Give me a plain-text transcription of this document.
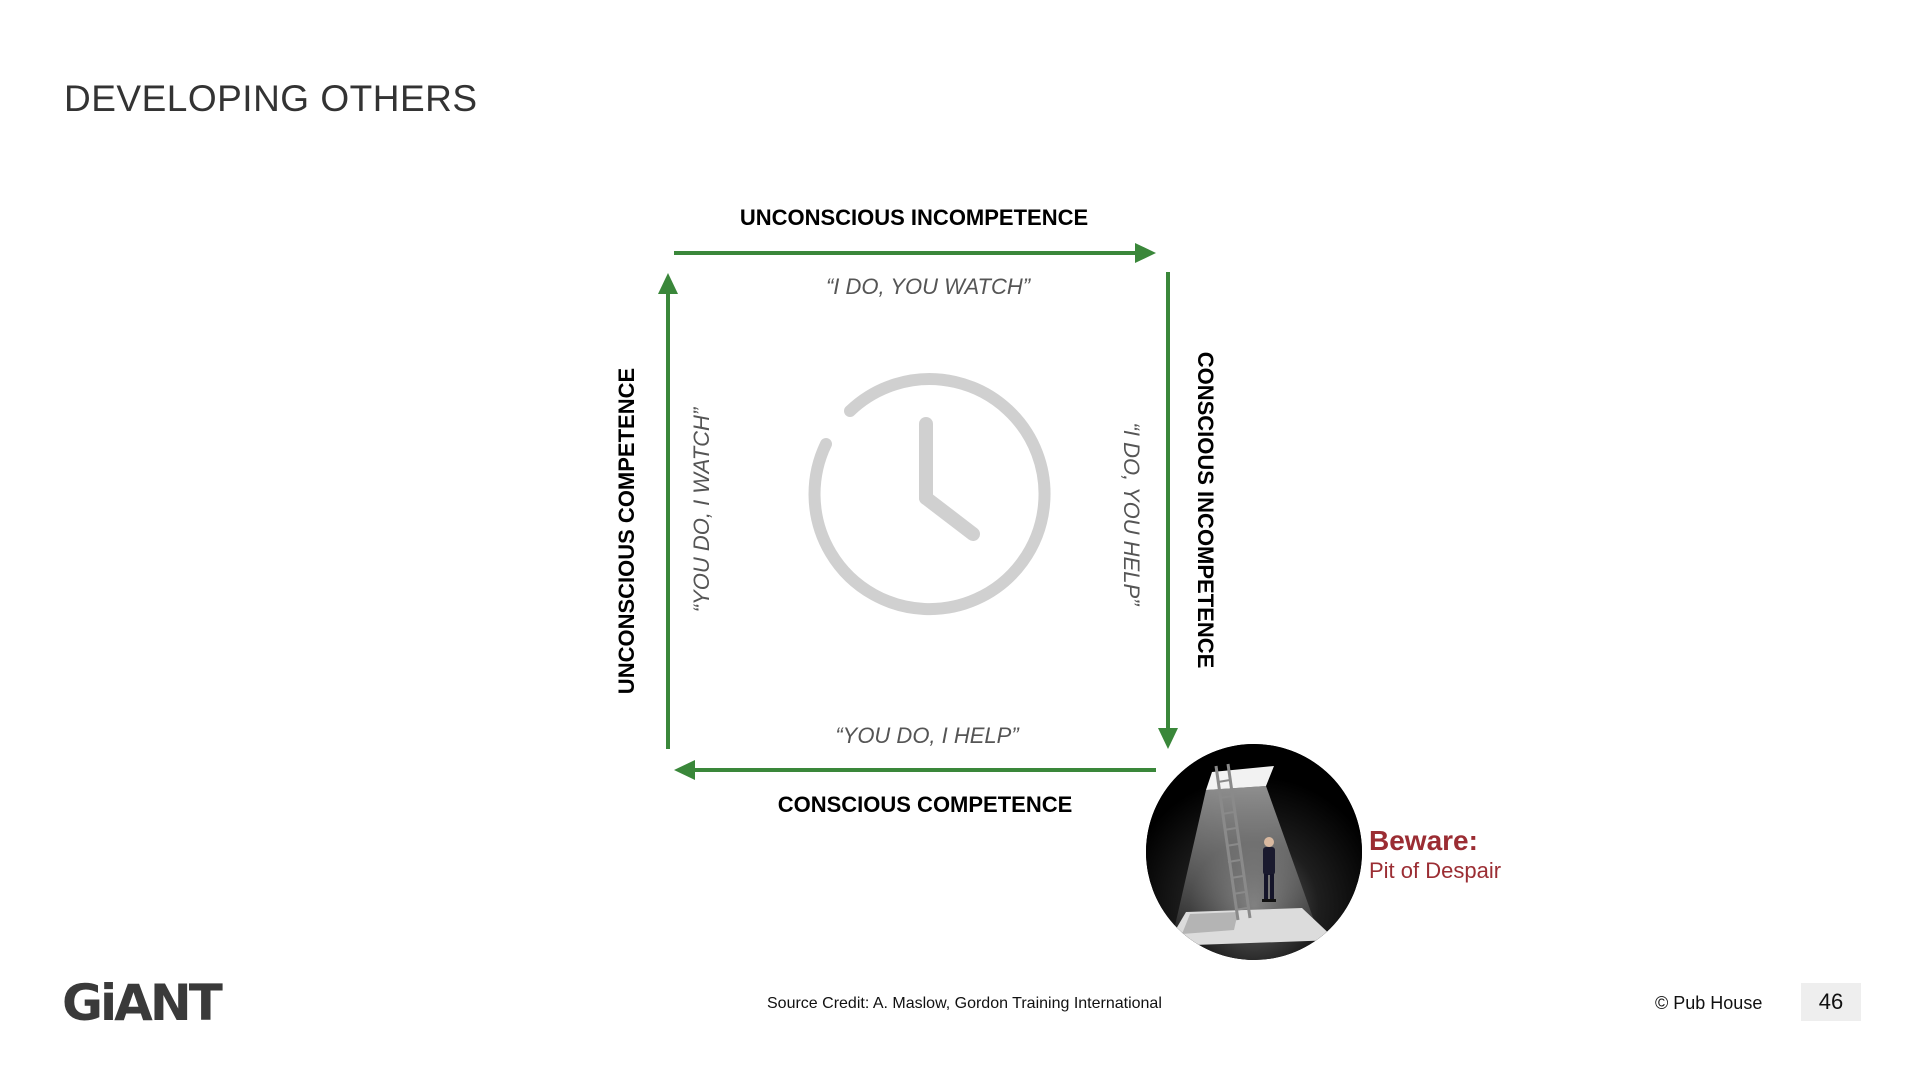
DEVELOPING OTHERS
UNCONSCIOUS INCOMPETENCE
CONSCIOUS INCOMPETENCE
CONSCIOUS COMPETENCE
UNCONSCIOUS COMPETENCE
“I DO, YOU WATCH”
“I DO, YOU HELP”
“YOU DO, I HELP”
“YOU DO, I WATCH”
Beware:
Pit of Despair
GiANT	Source Credit: A. Maslow, Gordon Training International	© Pub House	46
